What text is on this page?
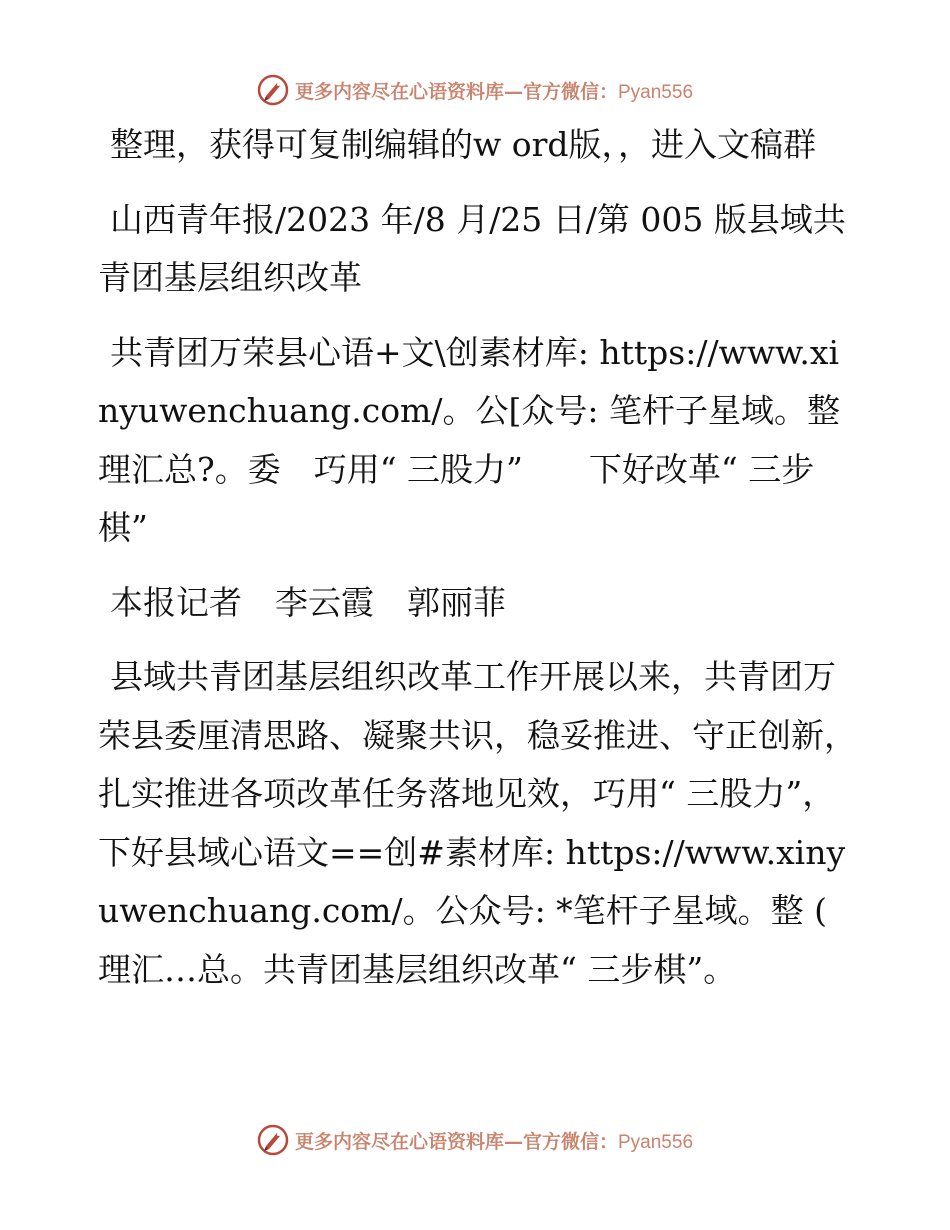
更多内容尽在心语资料库—官方微信：Pyan556

整理，获得可复制编辑的w ord版，，进入文稿群

山西青年报/2023 年/8 月/25 日/第 005 版县域共青团基层组织改革

共青团万荣县心语+文\创素材库: https://www.xinyuwenchuang.com/。公[众号: 笔杆子星域。整理汇总?。委　巧用“ 三股力”　　下好改革“ 三步棋”

本报记者　李云霞　郭丽菲

县域共青团基层组织改革工作开展以来，共青团万荣县委厘清思路、凝聚共识，稳妥推进、守正创新，扎实推进各项改革任务落地见效，巧用“ 三股力”，下好县域心语文==创#素材库: https://www.xinyuwenchuang.com/。公众号: *笔杆子星域。整 ( 理汇…总。共青团基层组织改革“ 三步棋”。

更多内容尽在心语资料库—官方微信：Pyan556
